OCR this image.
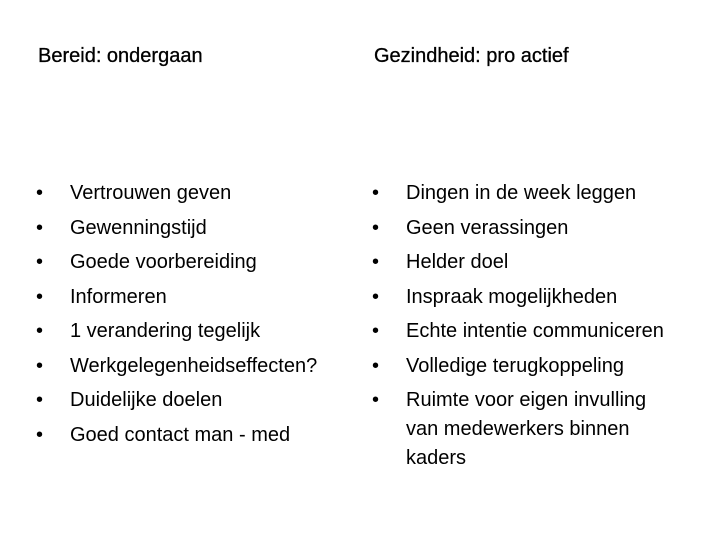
Bereid: ondergaan
• Vertrouwen geven
• Gewenningstijd
• Goede voorbereiding
• Informeren
• 1 verandering tegelijk
• Werkgelegenheidseffecten?
• Duidelijke doelen
• Goed contact man - med
Gezindheid: pro actief
• Dingen in de week leggen
• Geen verassingen
• Helder doel
• Inspraak mogelijkheden
• Echte intentie communiceren
• Volledige terugkoppeling
• Ruimte voor eigen invulling van medewerkers binnen kaders
